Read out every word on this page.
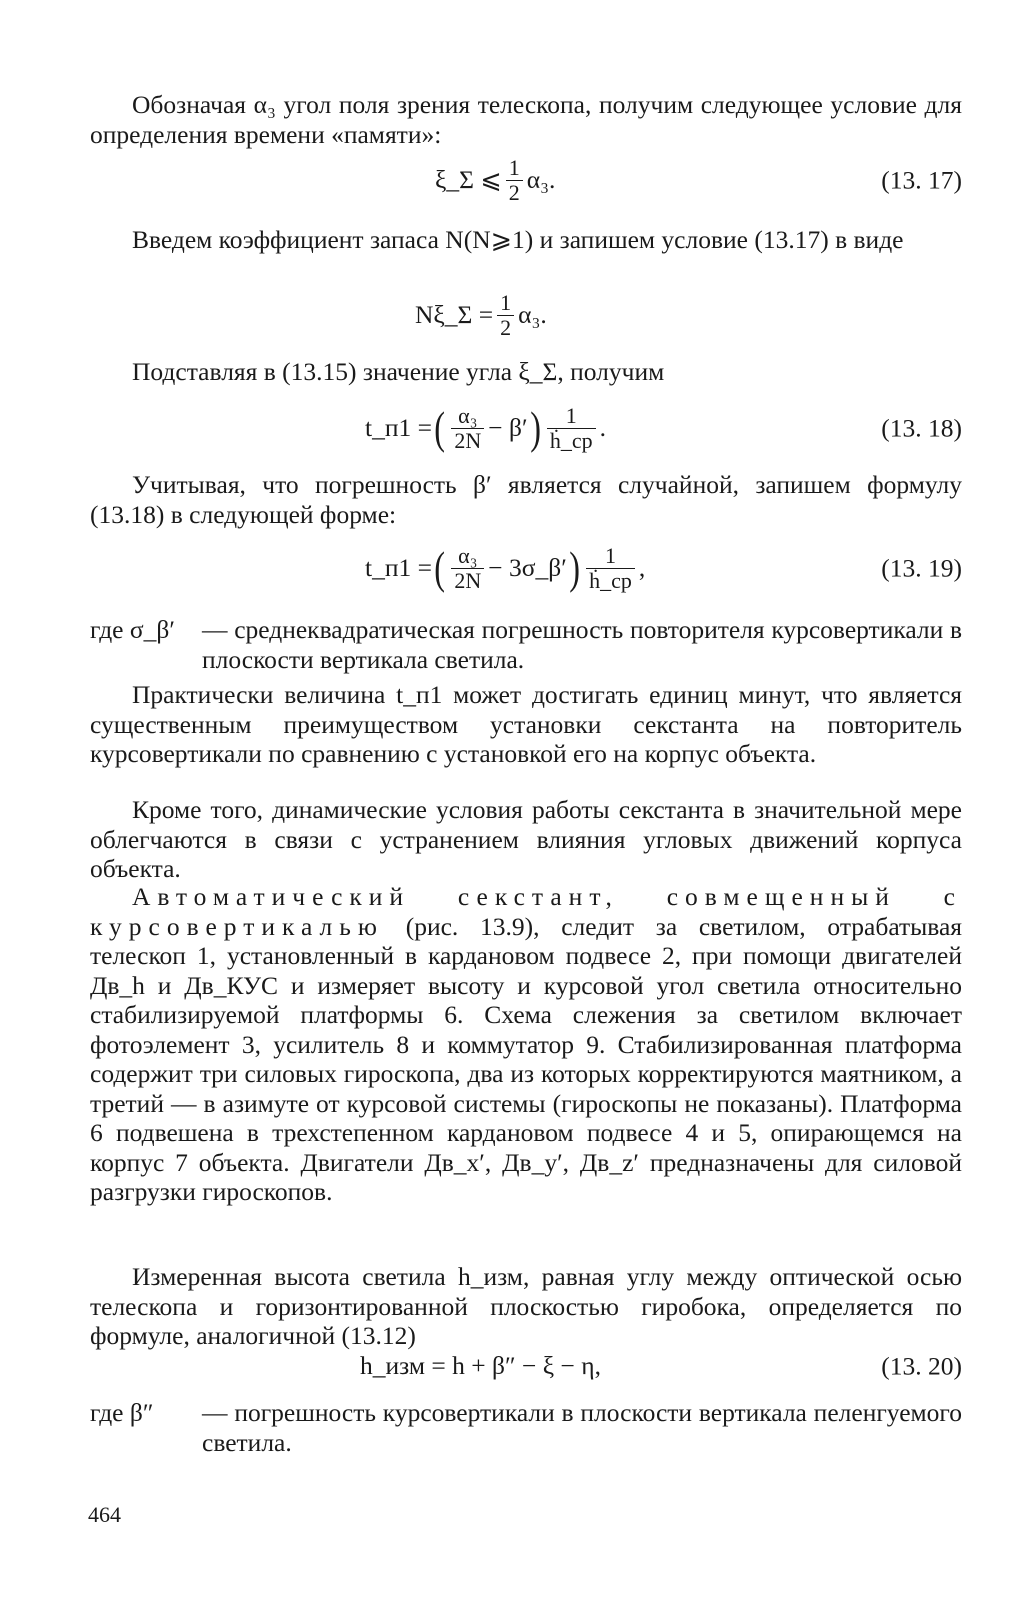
Обозначая α₃ угол поля зрения телескопа, получим следующее условие для определения времени «памяти»:

ξ_Σ ⩽ $\frac{1}{2} \alpha_3$.	(13. 17)

Введем коэффициент запаса N(N⩾1) и запишем условие (13.17) в виде

Nξ_Σ = $\frac{1}{2} \alpha_3$.

Подставляя в (13.15) значение угла ξ_Σ, получим

t_п1 = ( $\frac{\text{α₃}}{2N} - \beta'$ ) $\frac{1}{\text{ḣ\_ср}}$ .	(13. 18)

Учитывая, что погрешность β′ является случайной, запишем формулу (13.18) в следующей форме:

t_п1 = ( $\frac{\text{α₃}}{2N}$ − 3σ_β′ ) $\frac{1}{\text{ḣ\_ср}}$ ,	(13. 19)
где σ_β′ — среднеквадратическая погрешность повторителя курсовертикали в плоскости вертикала светила.

Практически величина t_п1 может достигать единиц минут, что является существенным преимуществом установки секстанта на повторитель курсовертикали по сравнению с установкой его на корпус объекта.

Кроме того, динамические условия работы секстанта в значительной мере облегчаются в связи с устранением влияния угловых движений корпуса объекта.

Автоматический секстант, совмещенный с курсовертикалью (рис. 13.9), следит за светилом, отрабатывая телескоп 1, установленный в кардановом подвесе 2, при помощи двигателей Дв_h и Дв_КУС и измеряет высоту и курсовой угол светила относительно стабилизируемой платформы 6. Схема слежения за светилом включает фотоэлемент 3, усилитель 8 и коммутатор 9. Стабилизированная платформа содержит три силовых гироскопа, два из которых корректируются маятником, а третий — в азимуте от курсовой системы (гироскопы не показаны). Платформа 6 подвешена в трехстепенном кардановом подвесе 4 и 5, опирающемся на корпус 7 объекта. Двигатели Дв_x′, Дв_y′, Дв_z′ предназначены для силовой разгрузки гироскопов.

Измеренная высота светила h_изм, равная углу между оптической осью телескопа и горизонтированной плоскостью гиробока, определяется по формуле, аналогичной (13.12)

h_изм = h + β″ − ξ − η,	(13. 20)
где β″ — погрешность курсовертикали в плоскости вертикала пеленгуемого светила.

464
